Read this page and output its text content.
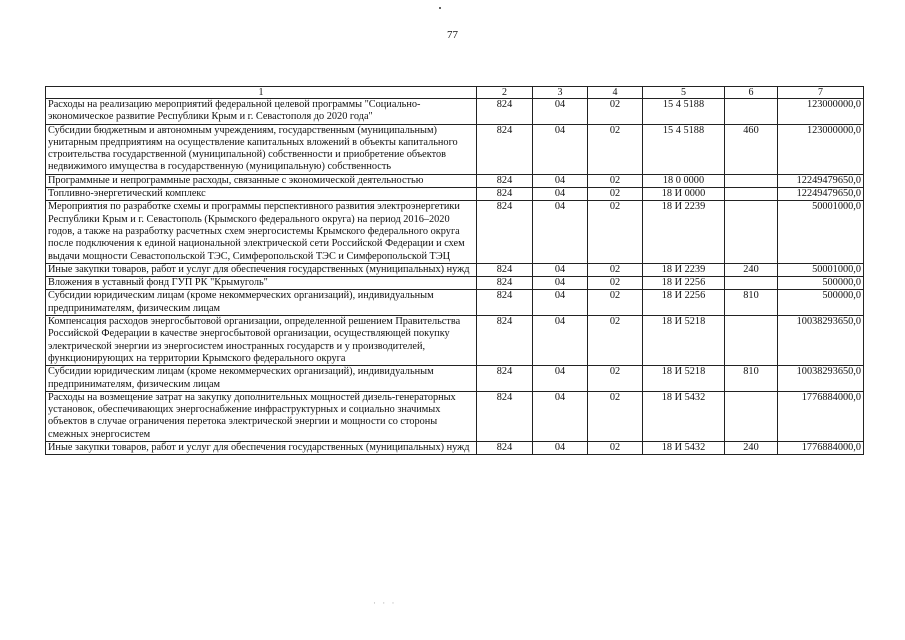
77
1	2	3	4	5	6	7
Расходы на реализацию мероприятий федеральной целевой программы "Социально-экономическое развитие Республики Крым и г. Севастополя до 2020 года"	824	04	02	15 4 5188		123000000,0
Субсидии бюджетным и автономным учреждениям, государственным (муниципальным) унитарным предприятиям на осуществление капитальных вложений в объекты капитального строительства государственной (муниципальной) собственности и приобретение объектов недвижимого имущества в государственную (муниципальную) собственность	824	04	02	15 4 5188	460	123000000,0
Программные и непрограммные расходы, связанные с экономической деятельностью	824	04	02	18 0 0000		12249479650,0
Топливно-энергетический комплекс	824	04	02	18 И 0000		12249479650,0
Мероприятия по разработке схемы и программы перспективного развития электроэнергетики Республики Крым и г. Севастополь (Крымского федерального округа) на период 2016–2020 годов, а также на разработку расчетных схем энергосистемы Крымского федерального округа после подключения к единой национальной электрической сети Российской Федерации и схем выдачи мощности Севастопольской ТЭС, Симферопольской ТЭС и Симферопольской ТЭЦ	824	04	02	18 И 2239		50001000,0
Иные закупки товаров, работ и услуг для обеспечения государственных (муниципальных) нужд	824	04	02	18 И 2239	240	50001000,0
Вложения в уставный фонд ГУП РК "Крымуголь"	824	04	02	18 И 2256		500000,0
Субсидии юридическим лицам (кроме некоммерческих организаций), индивидуальным предпринимателям, физическим лицам	824	04	02	18 И 2256	810	500000,0
Компенсация расходов энергосбытовой организации, определенной решением Правительства Российской Федерации в качестве энергосбытовой организации, осуществляющей покупку электрической энергии из энергосистем иностранных государств и у производителей, функционирующих на территории Крымского федерального округа	824	04	02	18 И 5218		10038293650,0
Субсидии юридическим лицам (кроме некоммерческих организаций), индивидуальным предпринимателям, физическим лицам	824	04	02	18 И 5218	810	10038293650,0
Расходы на возмещение затрат на закупку дополнительных мощностей дизель-генераторных установок, обеспечивающих энергоснабжение инфраструктурных и социально значимых объектов в случае ограничения перетока электрической энергии и мощности со стороны смежных энергосистем	824	04	02	18 И 5432		1776884000,0
Иные закупки товаров, работ и услуг для обеспечения государственных (муниципальных) нужд	824	04	02	18 И 5432	240	1776884000,0
· · ·
